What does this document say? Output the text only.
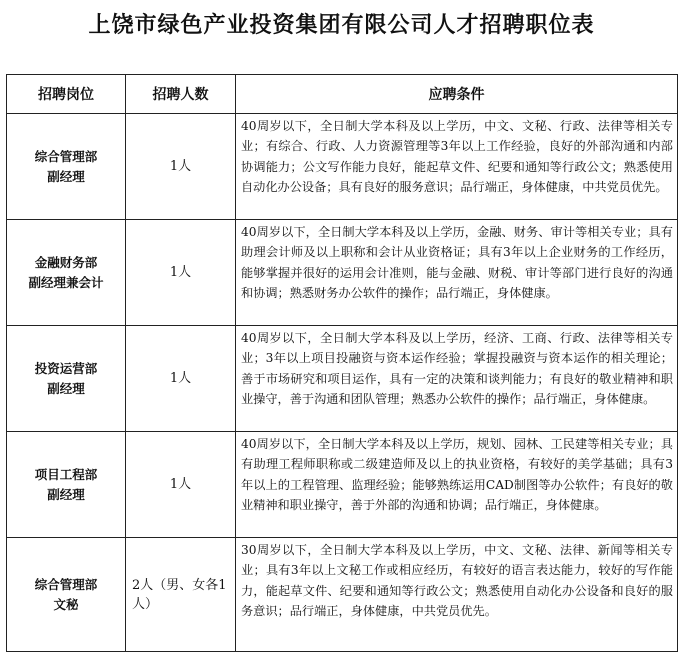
上饶市绿色产业投资集团有限公司人才招聘职位表
招聘岗位	招聘人数	应聘条件

综合管理部
副经理	1人	40周岁以下，全日制大学本科及以上学历，中文、文秘、行政、法律等相关专业；有综合、行政、人力资源管理等3年以上工作经验，良好的外部沟通和内部协调能力；公文写作能力良好，能起草文件、纪要和通知等行政公文；熟悉使用自动化办公设备；具有良好的服务意识；品行端正，身体健康，中共党员优先。

金融财务部
副经理兼会计	1人	40周岁以下，全日制大学本科及以上学历，金融、财务、审计等相关专业；具有助理会计师及以上职称和会计从业资格证；具有3年以上企业财务的工作经历，能够掌握并很好的运用会计准则，能与金融、财税、审计等部门进行良好的沟通和协调；熟悉财务办公软件的操作；品行端正，身体健康。

投资运营部
副经理	1人	40周岁以下，全日制大学本科及以上学历，经济、工商、行政、法律等相关专业；3年以上项目投融资与资本运作经验；掌握投融资与资本运作的相关理论；善于市场研究和项目运作，具有一定的决策和谈判能力；有良好的敬业精神和职业操守，善于沟通和团队管理；熟悉办公软件的操作；品行端正，身体健康。

项目工程部
副经理	1人	40周岁以下，全日制大学本科及以上学历，规划、园林、工民建等相关专业；具有助理工程师职称或二级建造师及以上的执业资格，有较好的美学基础；具有3年以上的工程管理、监理经验；能够熟练运用CAD制图等办公软件；有良好的敬业精神和职业操守，善于外部的沟通和协调；品行端正，身体健康。

综合管理部
文秘	2人（男、女各1人）	30周岁以下，全日制大学本科及以上学历，中文、文秘、法律、新闻等相关专业；具有3年以上文秘工作或相应经历，有较好的语言表达能力，较好的写作能力，能起草文件、纪要和通知等行政公文；熟悉使用自动化办公设备和良好的服务意识；品行端正，身体健康，中共党员优先。
